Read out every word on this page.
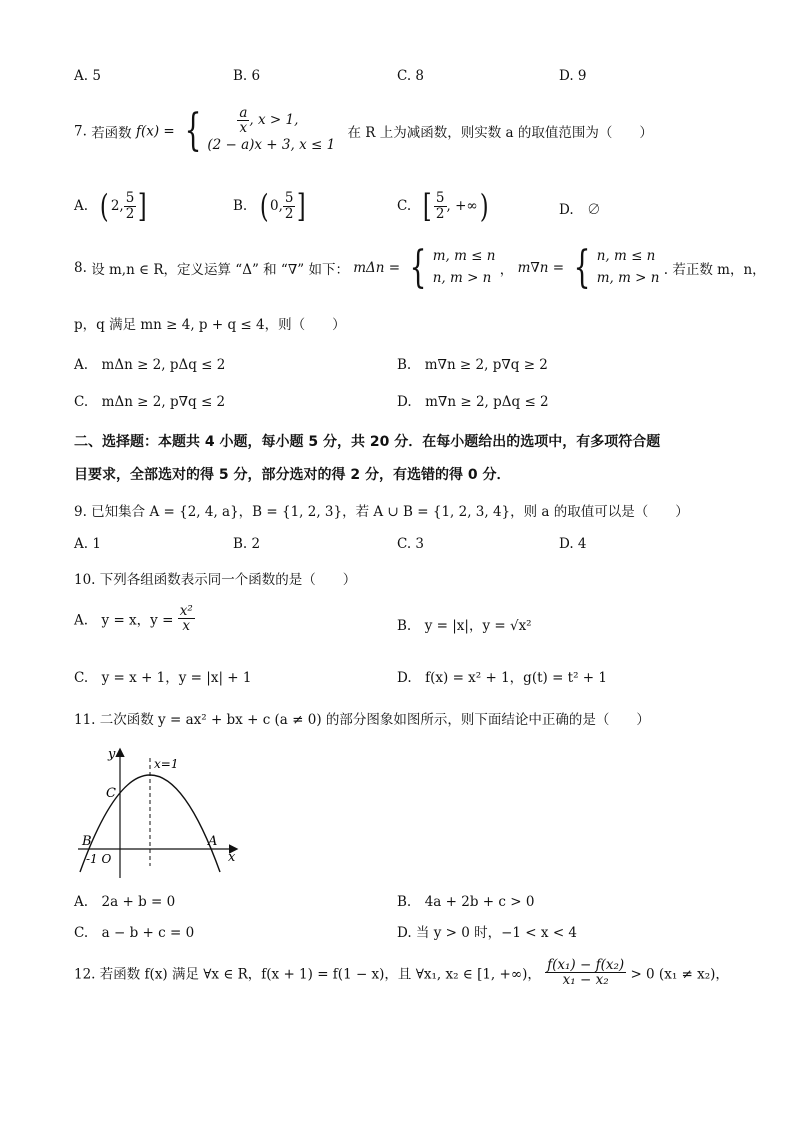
A. 5	B. 6	C. 8	D. 9
7. 若函数 f(x) = {	$\frac{a}{x}$ , x > 1,
(2 − a)x + 3, x ≤ 1
在 R 上为减函数，则实数 a 的取值范围为（　　）
A. ( 2, $\frac{5}{2}$ ]	B. ( 0, $\frac{5}{2}$ ]	C. [ $\frac{5}{2}$ , +∞)	D.　∅
8. 设 m,n ∈ R，定义运算 “Δ” 和 “∇” 如下： mΔn = { m, m ≤ n
n, m > n ， m∇n = { n, m ≤ n
m, m > n . 若正数 m，n，
p，q 满足 mn ≥ 4, p + q ≤ 4，则（　　）
A.　mΔn ≥ 2, pΔq ≤ 2	B.　m∇n ≥ 2, p∇q ≥ 2
C.　mΔn ≥ 2, p∇q ≤ 2	D.　m∇n ≥ 2, pΔq ≤ 2
二、选择题：本题共 4 小题，每小题 5 分，共 20 分．在每小题给出的选项中，有多项符合题
目要求，全部选对的得 5 分，部分选对的得 2 分，有选错的得 0 分．
9. 已知集合 A = {2, 4, a}，B = {1, 2, 3}，若 A ∪ B = {1, 2, 3, 4}，则 a 的取值可以是（　　）
A. 1	B. 2	C. 3	D. 4
10. 下列各组函数表示同一个函数的是（　　）
A.　y = x，$y = \frac{\text{x²}}{x}$	B.　y = |x|，y = √x²
C.　y = x + 1，y = |x| + 1	D.　f(x) = x² + 1，g(t) = t² + 1
11. 二次函数 y = ax² + bx + c (a ≠ 0) 的部分图象如图所示，则下面结论中正确的是（　　）
y
x=1
C
B	A
-1 O	x
A.　2a + b = 0	B.　4a + 2b + c > 0
C.　a − b + c = 0	D. 当 y > 0 时，−1 < x < 4
12. 若函数 f(x) 满足 ∀x ∈ R，f(x + 1) = f(1 − x)，且 ∀x₁, x₂ ∈ [1, +∞)， $\frac{\text{f(x₁) − f(x₂)}}{\text{x₁ − x₂}} > 0$ (x₁ ≠ x₂)，
